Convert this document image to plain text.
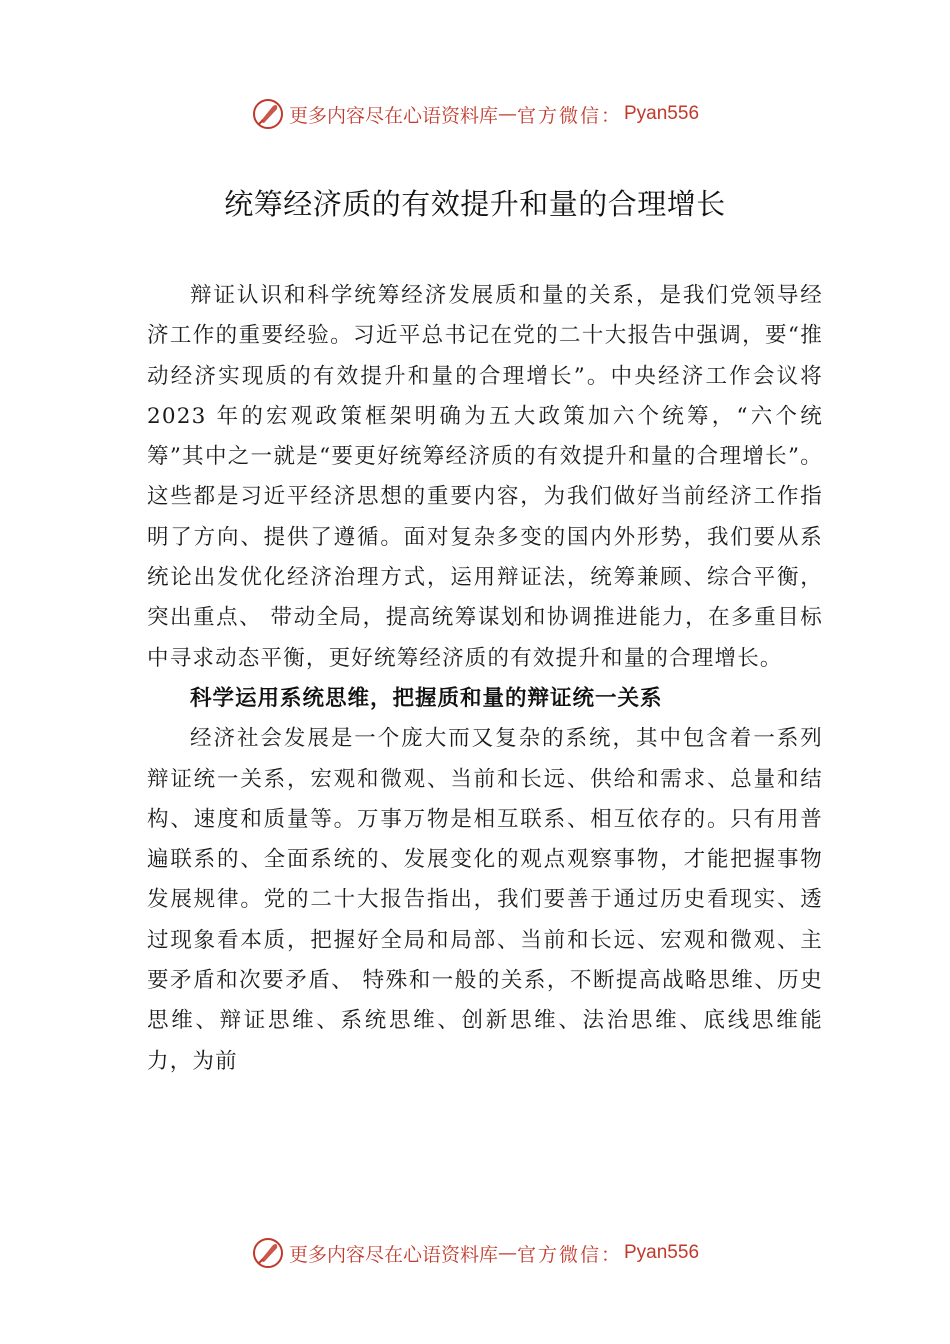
更多内容尽在心语资料库 — 官方微信： Pyan556
统筹经济质的有效提升和量的合理增长

辩证认识和科学统筹经济发展质和量的关系，是我们党领导经济工作的重要经验。习近平总书记在党的二十大报告中强调，要“推动经济实现质的有效提升和量的合理增长”。中央经济工作会议将 2023 年的宏观政策框架明确为五大政策加六个统筹，“六个统筹”其中之一就是“要更好统筹经济质的有效提升和量的合理增长”。这些都是习近平经济思想的重要内容，为我们做好当前经济工作指明了方向、提供了遵循。面对复杂多变的国内外形势，我们要从系统论出发优化经济治理方式，运用辩证法，统筹兼顾、综合平衡，突出重点、 带动全局，提高统筹谋划和协调推进能力，在多重目标中寻求动态平衡，更好统筹经济质的有效提升和量的合理增长。

科学运用系统思维，把握质和量的辩证统一关系

经济社会发展是一个庞大而又复杂的系统，其中包含着一系列辩证统一关系，宏观和微观、当前和长远、供给和需求、总量和结构、速度和质量等。万事万物是相互联系、相互依存的。只有用普遍联系的、全面系统的、发展变化的观点观察事物，才能把握事物发展规律。党的二十大报告指出，我们要善于通过历史看现实、透过现象看本质，把握好全局和局部、当前和长远、宏观和微观、主要矛盾和次要矛盾、 特殊和一般的关系，不断提高战略思维、历史思维、辩证思维、系统思维、创新思维、法治思维、底线思维能力，为前

更多内容尽在心语资料库 — 官方微信： Pyan556
